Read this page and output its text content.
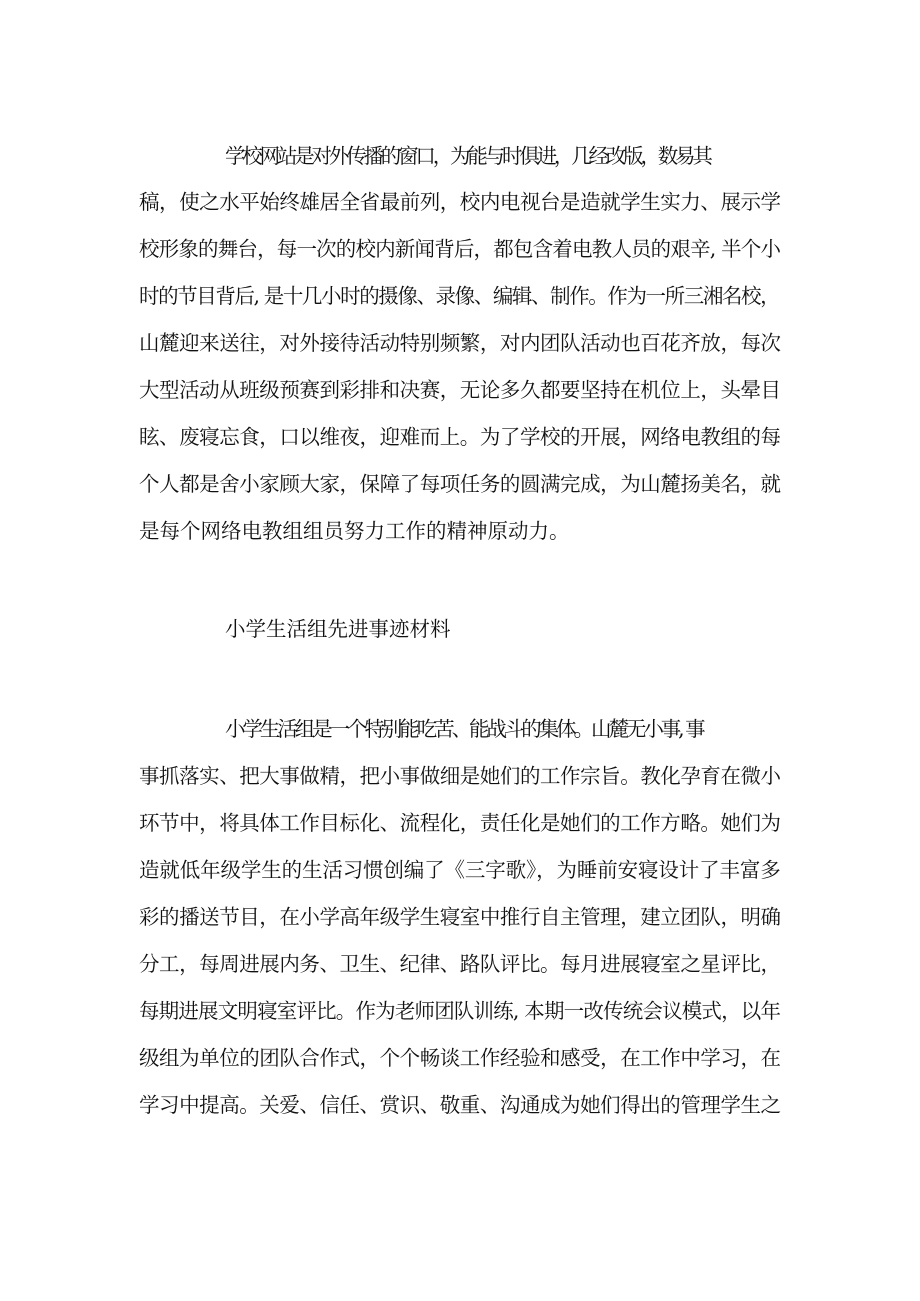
学校网站是对外传播的窗口，为能与时俱进，几经改版，数易其
稿，使之水平始终雄居全省最前列，校内电视台是造就学生实力、展示学
校形象的舞台，每一次的校内新闻背后，都包含着电教人员的艰辛, 半个小
时的节目背后, 是十几小时的摄像、录像、编辑、制作。作为一所三湘名校，
山麓迎来送往，对外接待活动特别频繁，对内团队活动也百花齐放，每次
大型活动从班级预赛到彩排和决赛，无论多久都要坚持在机位上，头晕目
眩、废寝忘食，口以维夜，迎难而上。为了学校的开展，网络电教组的每
个人都是舍小家顾大家，保障了每项任务的圆满完成，为山麓扬美名，就
是每个网络电教组组员努力工作的精神原动力。
小学生活组先进事迹材料
小学生活组是一个特别能吃苦、能战斗的集体。山麓无小事, 事
事抓落实、把大事做精，把小事做细是她们的工作宗旨。教化孕育在微小
环节中，将具体工作目标化、流程化，责任化是她们的工作方略。她们为
造就低年级学生的生活习惯创编了《三字歌》，为睡前安寝设计了丰富多
彩的播送节目，在小学高年级学生寝室中推行自主管理，建立团队，明确
分工，每周进展内务、卫生、纪律、路队评比。每月进展寝室之星评比，
每期进展文明寝室评比。作为老师团队训练, 本期一改传统会议模式，以年
级组为单位的团队合作式，个个畅谈工作经验和感受，在工作中学习，在
学习中提高。关爱、信任、赏识、敬重、沟通成为她们得出的管理学生之
